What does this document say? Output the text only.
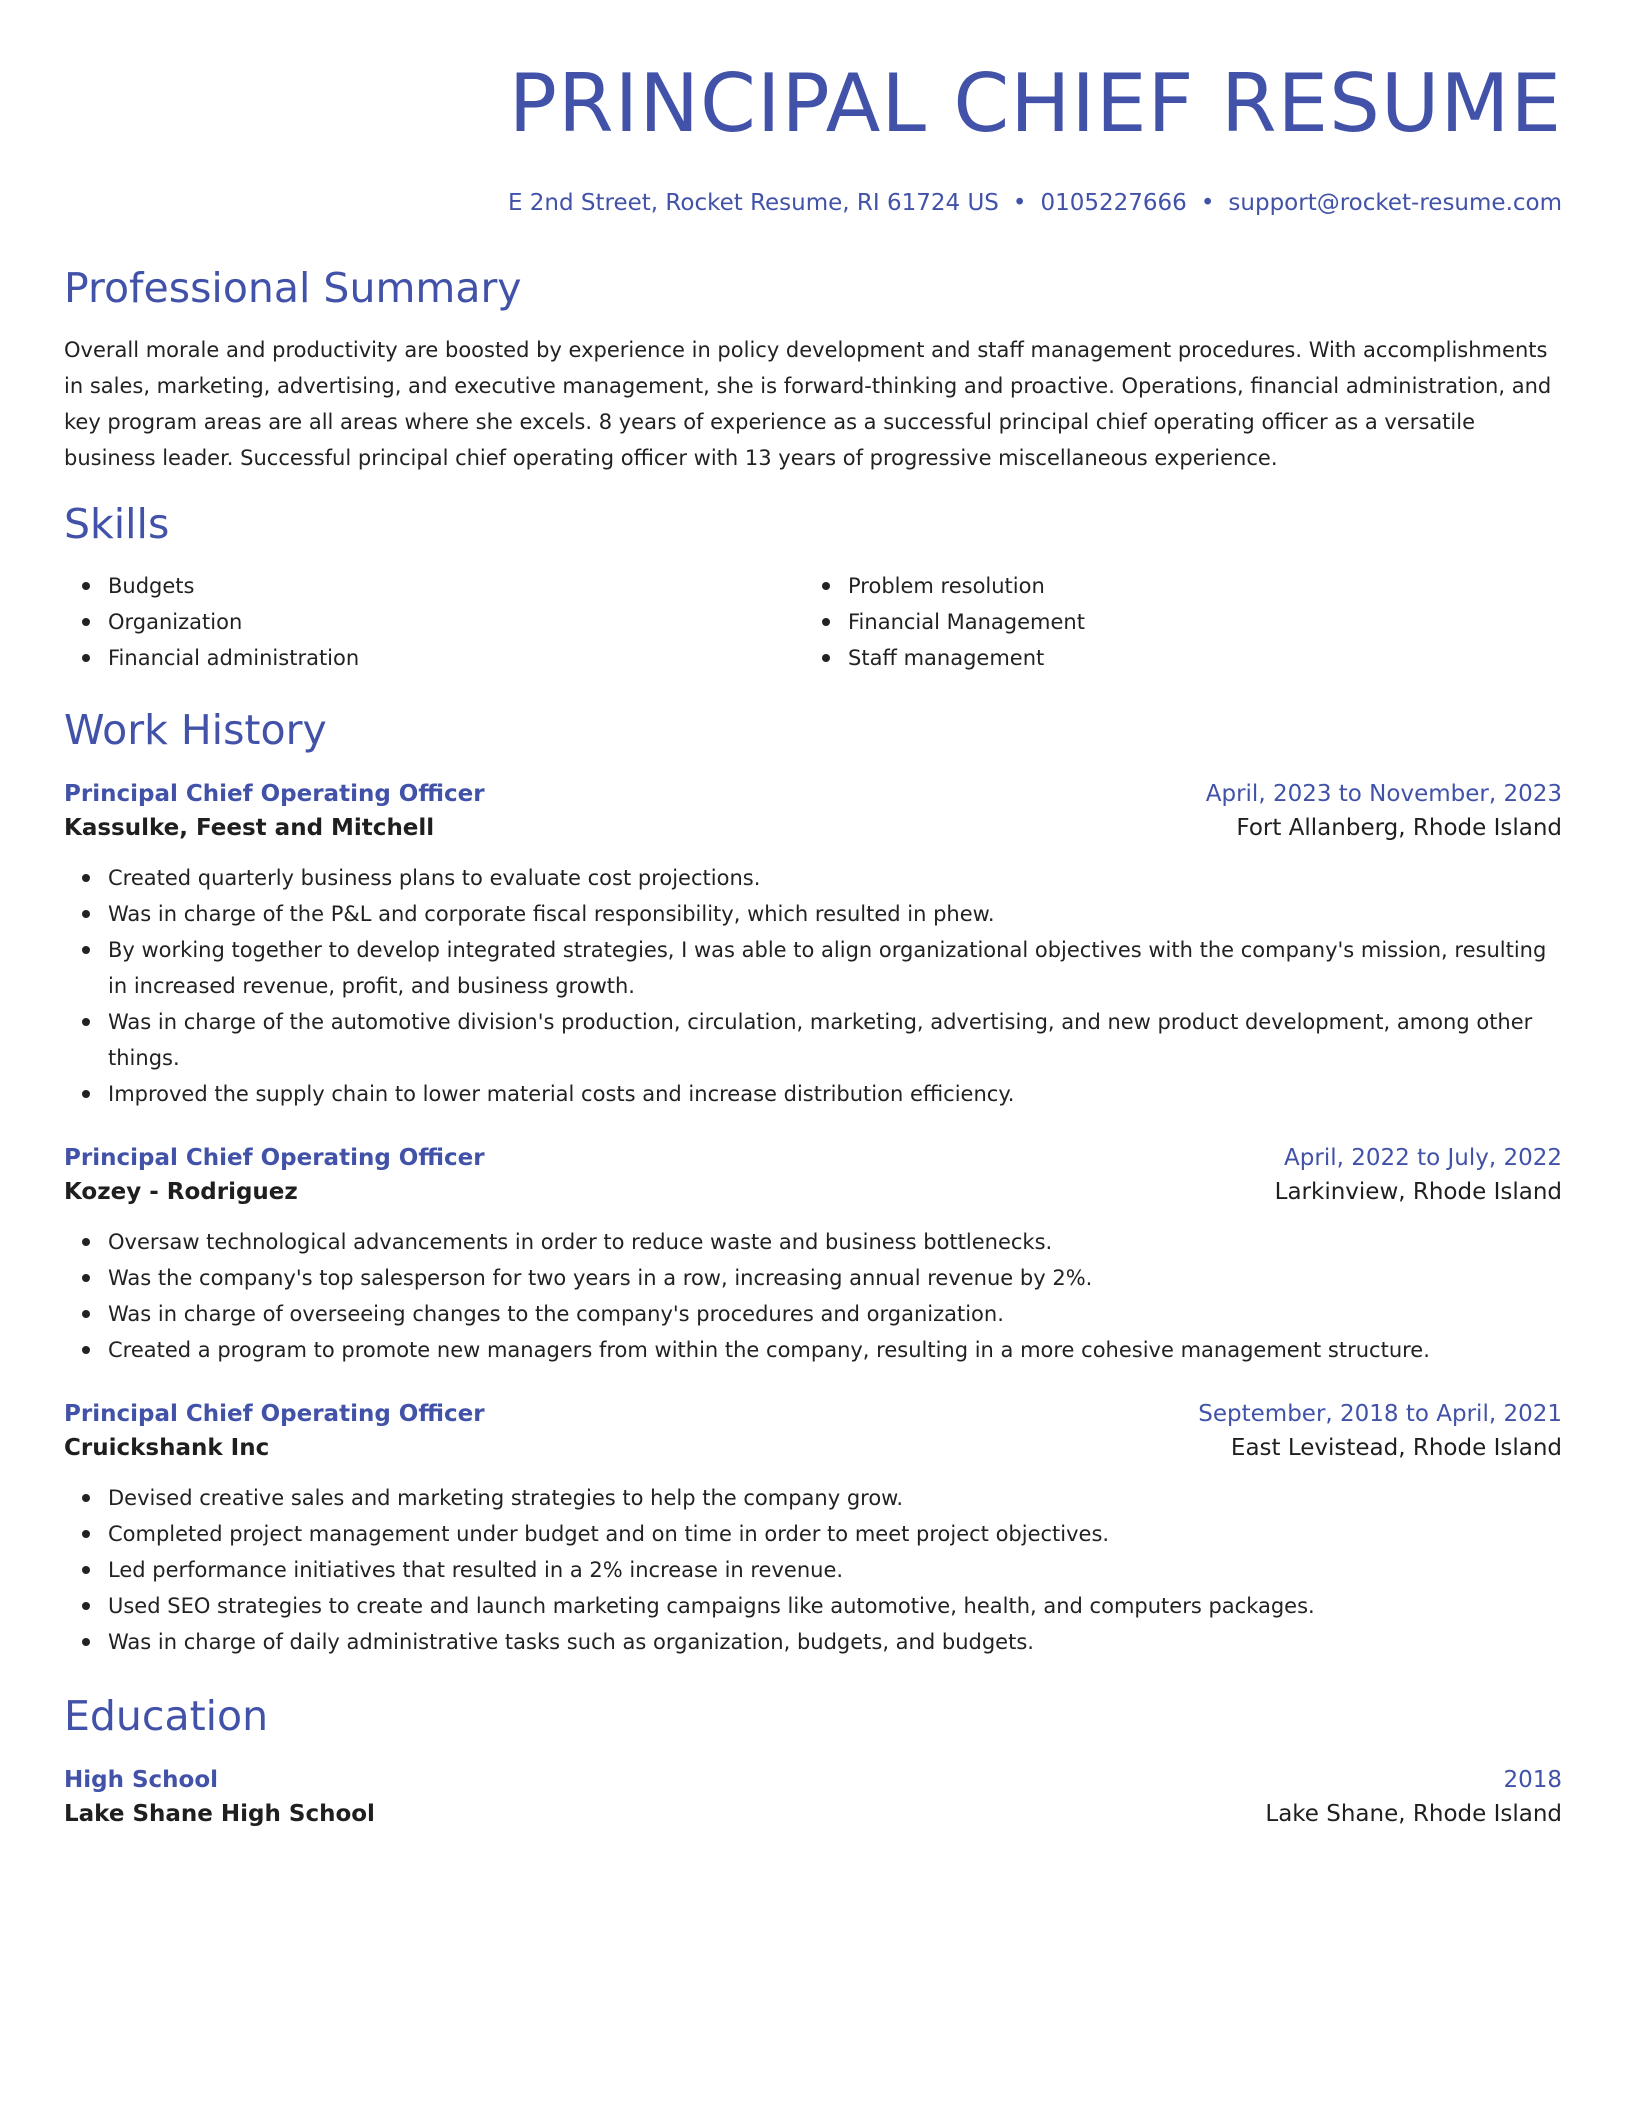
PRINCIPAL CHIEF RESUME
E 2nd Street, Rocket Resume, RI 61724 US • 0105227666 • support@rocket-resume.com
Professional Summary
Overall morale and productivity are boosted by experience in policy development and staff management procedures. With accomplishments in sales, marketing, advertising, and executive management, she is forward-thinking and proactive. Operations, financial administration, and key program areas are all areas where she excels. 8 years of experience as a successful principal chief operating officer as a versatile business leader. Successful principal chief operating officer with 13 years of progressive miscellaneous experience.
Skills
Budgets
Organization
Financial administration
Problem resolution
Financial Management
Staff management
Work History
Principal Chief Operating Officer	April, 2023 to November, 2023
Kassulke, Feest and Mitchell	Fort Allanberg, Rhode Island
Created quarterly business plans to evaluate cost projections.
Was in charge of the P&L and corporate fiscal responsibility, which resulted in phew.
By working together to develop integrated strategies, I was able to align organizational objectives with the company's mission, resulting in increased revenue, profit, and business growth.
Was in charge of the automotive division's production, circulation, marketing, advertising, and new product development, among other things.
Improved the supply chain to lower material costs and increase distribution efficiency.
Principal Chief Operating Officer	April, 2022 to July, 2022
Kozey - Rodriguez	Larkinview, Rhode Island
Oversaw technological advancements in order to reduce waste and business bottlenecks.
Was the company's top salesperson for two years in a row, increasing annual revenue by 2%.
Was in charge of overseeing changes to the company's procedures and organization.
Created a program to promote new managers from within the company, resulting in a more cohesive management structure.
Principal Chief Operating Officer	September, 2018 to April, 2021
Cruickshank Inc	East Levistead, Rhode Island
Devised creative sales and marketing strategies to help the company grow.
Completed project management under budget and on time in order to meet project objectives.
Led performance initiatives that resulted in a 2% increase in revenue.
Used SEO strategies to create and launch marketing campaigns like automotive, health, and computers packages.
Was in charge of daily administrative tasks such as organization, budgets, and budgets.
Education
High School	2018
Lake Shane High School	Lake Shane, Rhode Island
